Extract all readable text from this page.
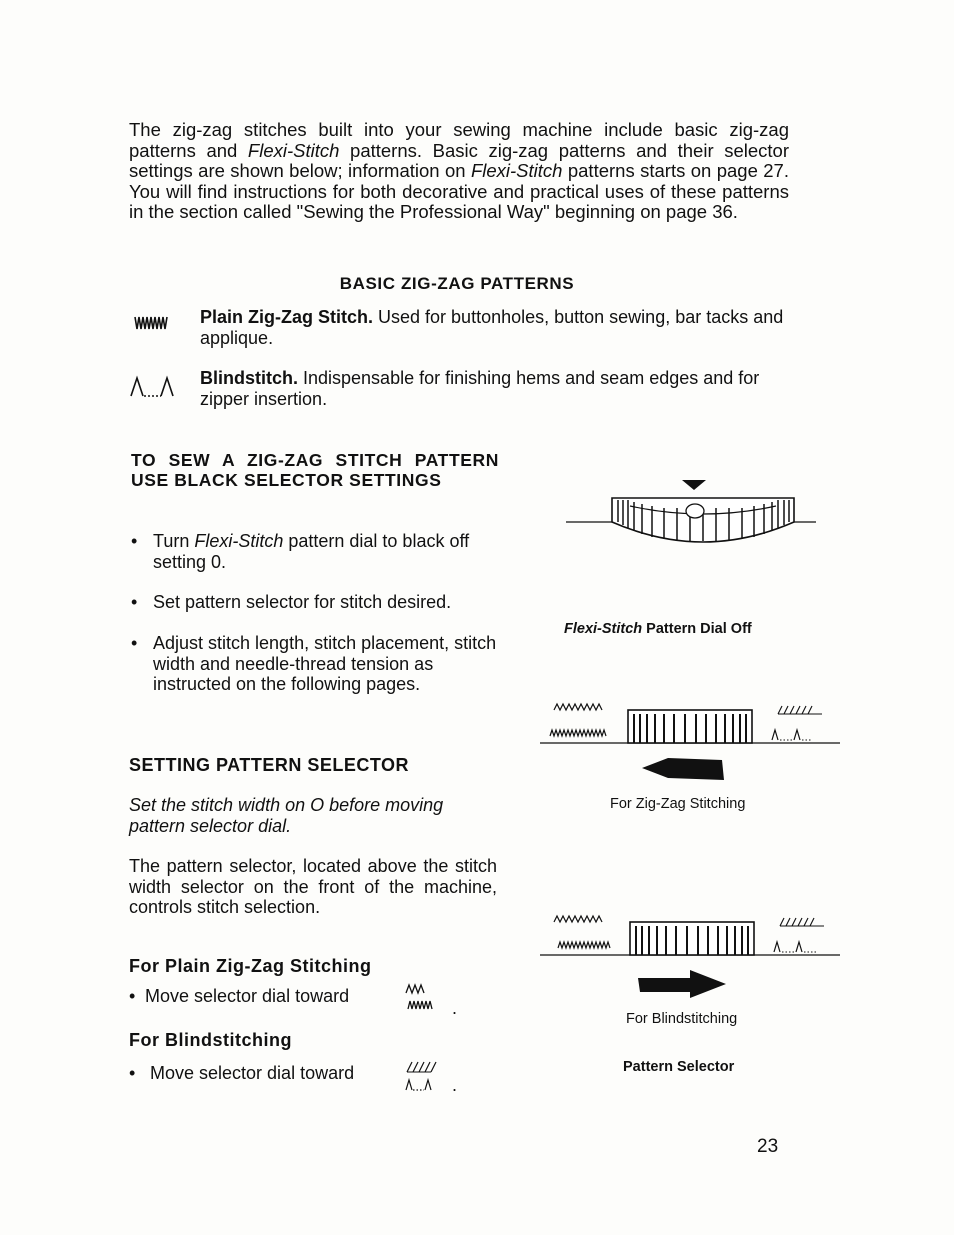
The zig-zag stitches built into your sewing machine include basic zig-zag patterns and Flexi-Stitch patterns. Basic zig-zag patterns and their selector settings are shown below; information on Flexi-Stitch patterns starts on page 27. You will find instructions for both decorative and practical uses of these patterns in the section called "Sewing the Professional Way" beginning on page 36.
BASIC ZIG-ZAG PATTERNS
Plain Zig-Zag Stitch. Used for buttonholes, button sewing, bar tacks and applique.
Blindstitch. Indispensable for finishing hems and seam edges and for zipper insertion.
TO SEW A ZIG-ZAG STITCH PATTERN USE BLACK SELECTOR SETTINGS
• Turn Flexi-Stitch pattern dial to black off setting 0.
• Set pattern selector for stitch desired.
• Adjust stitch length, stitch placement, stitch width and needle-thread tension as instructed on the following pages.
SETTING PATTERN SELECTOR
Set the stitch width on O before moving pattern selector dial.
The pattern selector, located above the stitch width selector on the front of the machine, controls stitch selection.
For Plain Zig-Zag Stitching
• Move selector dial toward
.
For Blindstitching
• Move selector dial toward
.
Flexi-Stitch Pattern Dial Off
For Zig-Zag Stitching
For Blindstitching
Pattern Selector
23
